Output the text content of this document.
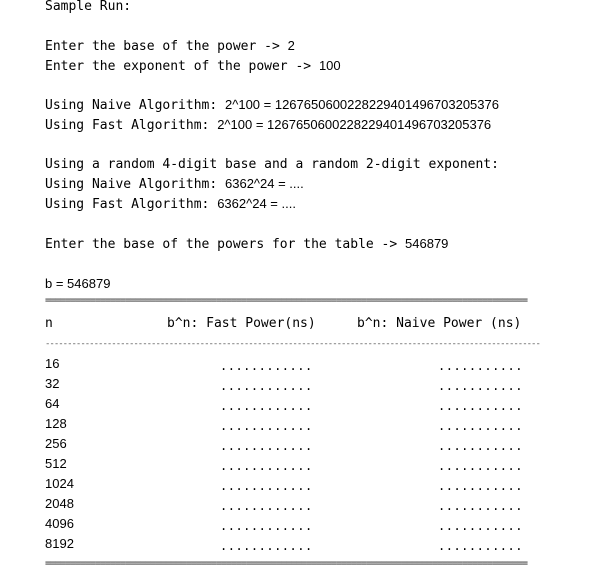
Sample Run:
Enter the base of the power -> 2
Enter the exponent of the power -> 100
Using Naive Algorithm: 2^100 = 1267650600228229401496703205376
Using Fast Algorithm: 2^100 = 1267650600228229401496703205376
Using a random 4-digit base and a random 2-digit exponent:
Using Naive Algorithm: 6362^24 = ....
Using Fast Algorithm: 6362^24 = ....
Enter the base of the powers for the table -> 546879
b = 546879
================================================================================================
n	b^n: Fast Power(ns)	b^n: Naive Power (ns)
----------------------------------------------------------------------------------------------------------------
16	............	...........
32	............	...........
64	............	...........
128	............	...........
256	............	...........
512	............	...........
1024	............	...........
2048	............	...........
4096	............	...........
8192	............	...........
================================================================================================
